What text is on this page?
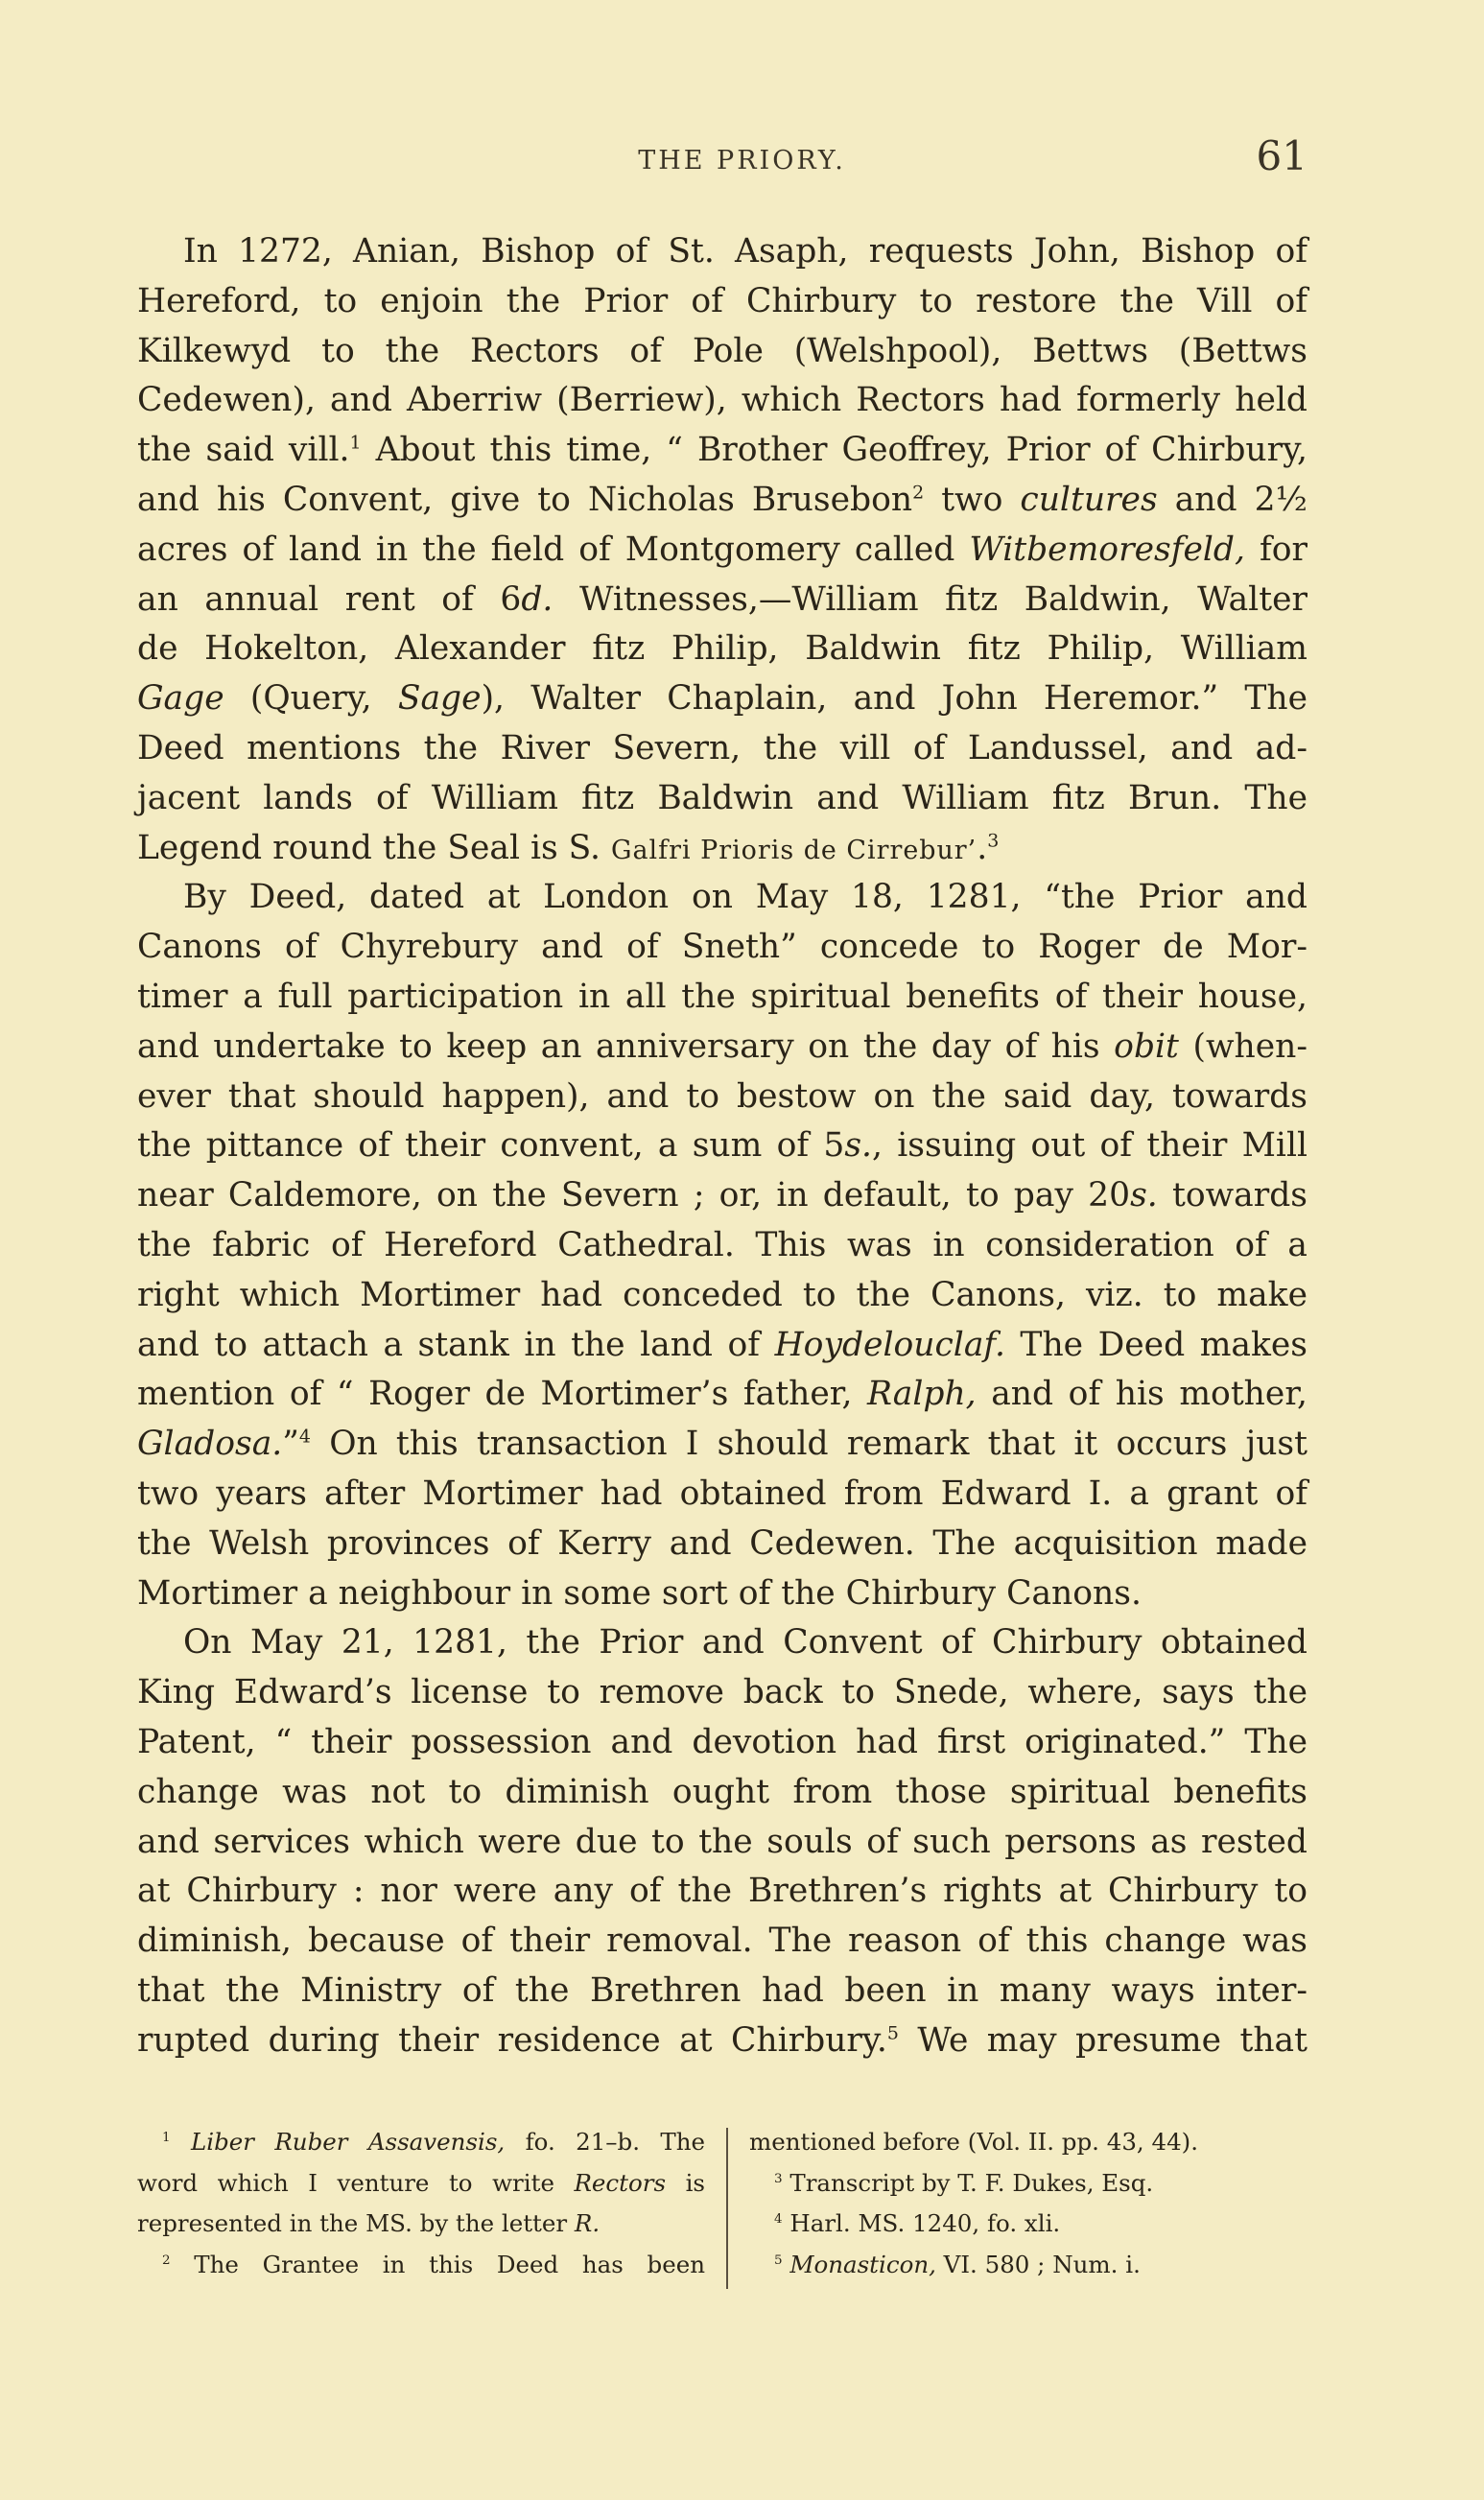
THE PRIORY.	61
In 1272, Anian, Bishop of St. Asaph, requests John, Bishop of
Hereford, to enjoin the Prior of Chirbury to restore the Vill of
Kilkewyd to the Rectors of Pole (Welshpool), Bettws (Bettws
Cedewen), and Aberriw (Berriew), which Rectors had formerly held
the said vill.$^1$ About this time, “ Brother Geoffrey, Prior of Chirbury,
and his Convent, give to Nicholas Brusebon$^2$ two cultures and 2½
acres of land in the field of Montgomery called Witbemoresfeld, for
an annual rent of 6d. Witnesses,—William fitz Baldwin, Walter
de Hokelton, Alexander fitz Philip, Baldwin fitz Philip, William
Gage (Query, Sage), Walter Chaplain, and John Heremor.” The
Deed mentions the River Severn, the vill of Landussel, and ad-
jacent lands of William fitz Baldwin and William fitz Brun. The
Legend round the Seal is S. Galfri Prioris de Cirrebur’.$^3$
By Deed, dated at London on May 18, 1281, “the Prior and
Canons of Chyrebury and of Sneth” concede to Roger de Mor-
timer a full participation in all the spiritual benefits of their house,
and undertake to keep an anniversary on the day of his obit (when-
ever that should happen), and to bestow on the said day, towards
the pittance of their convent, a sum of 5s., issuing out of their Mill
near Caldemore, on the Severn ; or, in default, to pay 20s. towards
the fabric of Hereford Cathedral. This was in consideration of a
right which Mortimer had conceded to the Canons, viz. to make
and to attach a stank in the land of Hoydelouclaf. The Deed makes
mention of “ Roger de Mortimer’s father, Ralph, and of his mother,
Gladosa.”$^4$ On this transaction I should remark that it occurs just
two years after Mortimer had obtained from Edward I. a grant of
the Welsh provinces of Kerry and Cedewen. The acquisition made
Mortimer a neighbour in some sort of the Chirbury Canons.
On May 21, 1281, the Prior and Convent of Chirbury obtained
King Edward’s license to remove back to Snede, where, says the
Patent, “ their possession and devotion had first originated.” The
change was not to diminish ought from those spiritual benefits
and services which were due to the souls of such persons as rested
at Chirbury : nor were any of the Brethren’s rights at Chirbury to
diminish, because of their removal. The reason of this change was
that the Ministry of the Brethren had been in many ways inter-
rupted during their residence at Chirbury.$^5$ We may presume that
$^1$ Liber Ruber Assavensis, fo. 21–b. The
word which I venture to write Rectors is
represented in the MS. by the letter R.
$^2$ The Grantee in this Deed has been
mentioned before (Vol. II. pp. 43, 44).
$^3$ Transcript by T. F. Dukes, Esq.
$^4$ Harl. MS. 1240, fo. xli.
$^5$ Monasticon, VI. 580 ; Num. i.
